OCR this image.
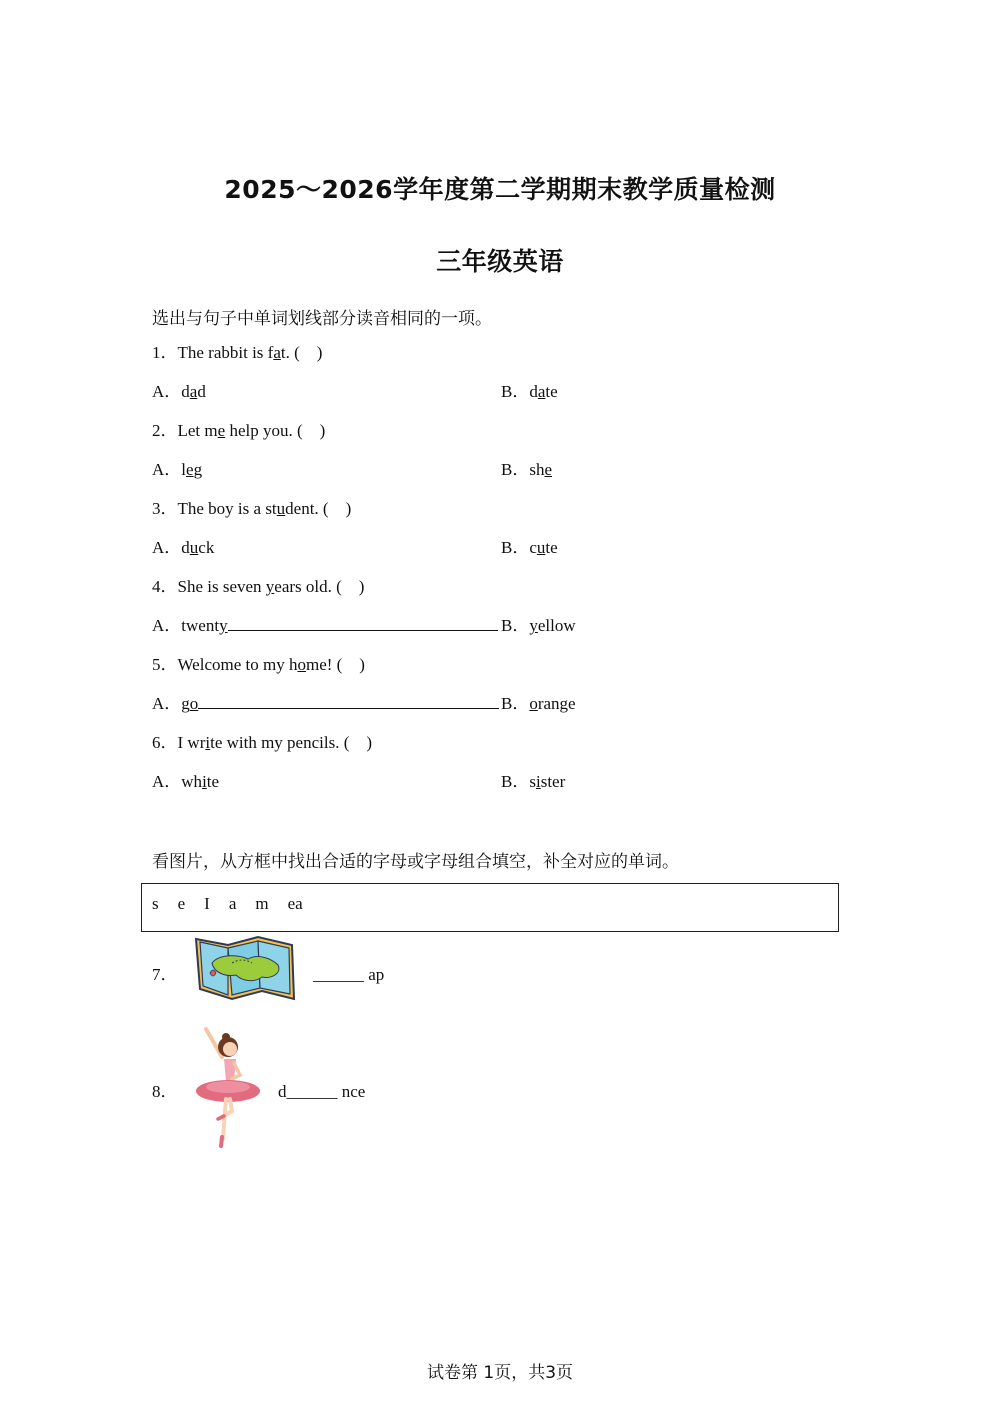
2025～2026学年度第二学期期末教学质量检测
三年级英语
选出与句子中单词划线部分读音相同的一项。
1．The rabbit is fat. (　)
A．dad	B．date
2．Let me help you. (　)
A．leg	B．she
3．The boy is a student. (　)
A．duck	B．cute
4．She is seven years old. (　)
A．twenty	B．yellow
5．Welcome to my home! (　)
A．go	B．orange
6．I write with my pencils. (　)
A．white	B．sister
看图片，从方框中找出合适的字母或字母组合填空，补全对应的单词。
s e I a m ea
7．	______ ap
8．	d______ nce
试卷第 1页，共3页
